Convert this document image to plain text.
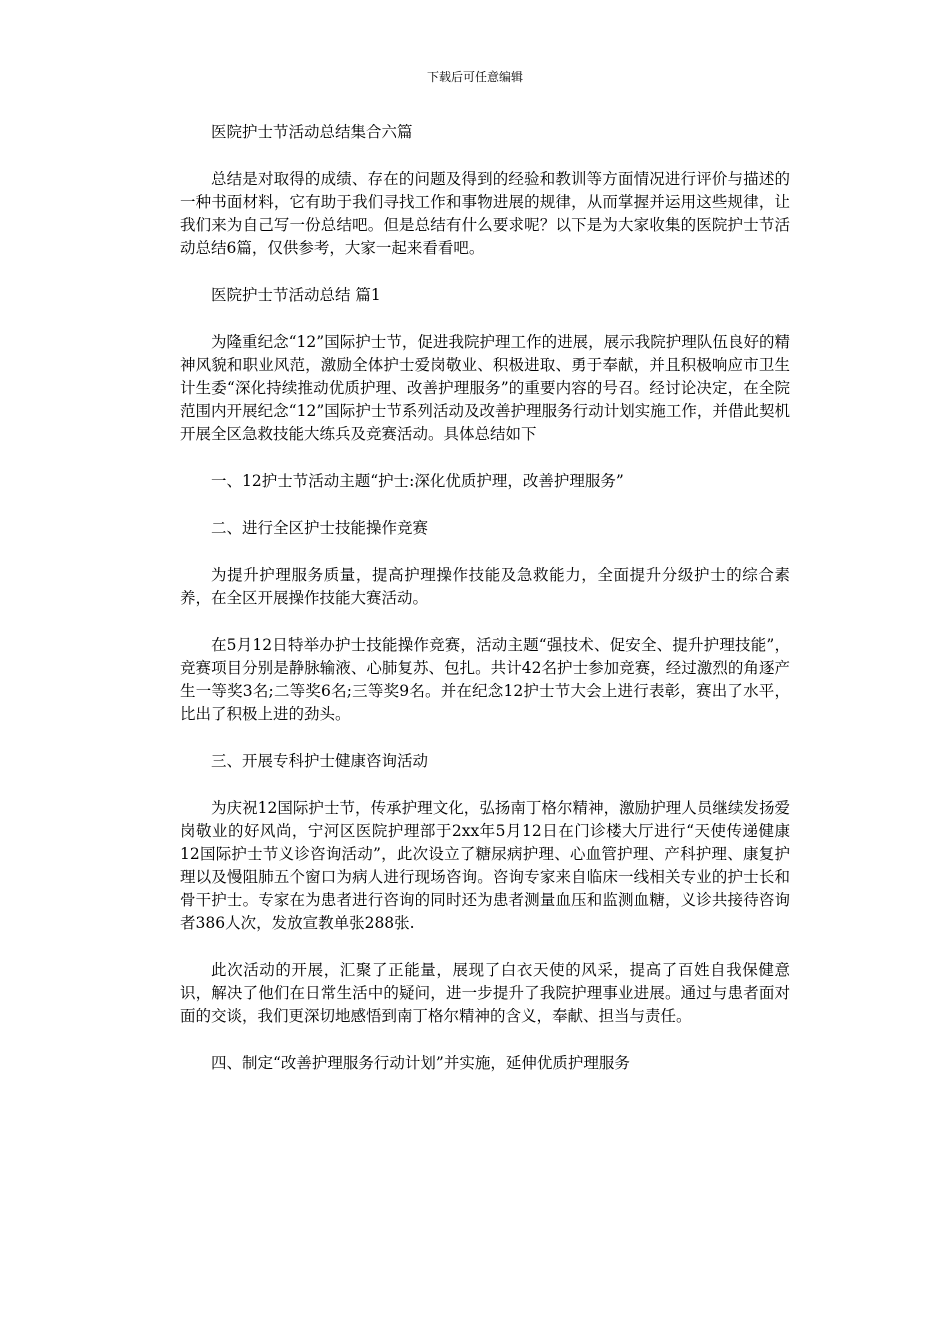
下载后可任意编辑

医院护士节活动总结集合六篇

总结是对取得的成绩、存在的问题及得到的经验和教训等方面情况进行评价与描述的一种书面材料，它有助于我们寻找工作和事物进展的规律，从而掌握并运用这些规律，让我们来为自己写一份总结吧。但是总结有什么要求呢？以下是为大家收集的医院护士节活动总结6篇，仅供参考，大家一起来看看吧。

医院护士节活动总结 篇1

为隆重纪念“12”国际护士节，促进我院护理工作的进展，展示我院护理队伍良好的精神风貌和职业风范，激励全体护士爱岗敬业、积极进取、勇于奉献，并且积极响应市卫生计生委“深化持续推动优质护理、改善护理服务”的重要内容的号召。经讨论决定，在全院范围内开展纪念“12”国际护士节系列活动及改善护理服务行动计划实施工作，并借此契机开展全区急救技能大练兵及竞赛活动。具体总结如下

一、12护士节活动主题“护士:深化优质护理，改善护理服务”

二、进行全区护士技能操作竞赛

为提升护理服务质量，提高护理操作技能及急救能力，全面提升分级护士的综合素养，在全区开展操作技能大赛活动。

在5月12日特举办护士技能操作竞赛，活动主题“强技术、促安全、提升护理技能”，竞赛项目分别是静脉输液、心肺复苏、包扎。共计42名护士参加竞赛，经过激烈的角逐产生一等奖3名;二等奖6名;三等奖9名。并在纪念12护士节大会上进行表彰，赛出了水平，比出了积极上进的劲头。

三、开展专科护士健康咨询活动

为庆祝12国际护士节，传承护理文化，弘扬南丁格尔精神，激励护理人员继续发扬爱岗敬业的好风尚，宁河区医院护理部于2xx年5月12日在门诊楼大厅进行“天使传递健康12国际护士节义诊咨询活动”，此次设立了糖尿病护理、心血管护理、产科护理、康复护理以及慢阻肺五个窗口为病人进行现场咨询。咨询专家来自临床一线相关专业的护士长和骨干护士。专家在为患者进行咨询的同时还为患者测量血压和监测血糖，义诊共接待咨询者386人次，发放宣教单张288张.

此次活动的开展，汇聚了正能量，展现了白衣天使的风采，提高了百姓自我保健意识，解决了他们在日常生活中的疑问，进一步提升了我院护理事业进展。通过与患者面对面的交谈，我们更深切地感悟到南丁格尔精神的含义，奉献、担当与责任。

四、制定“改善护理服务行动计划”并实施，延伸优质护理服务
